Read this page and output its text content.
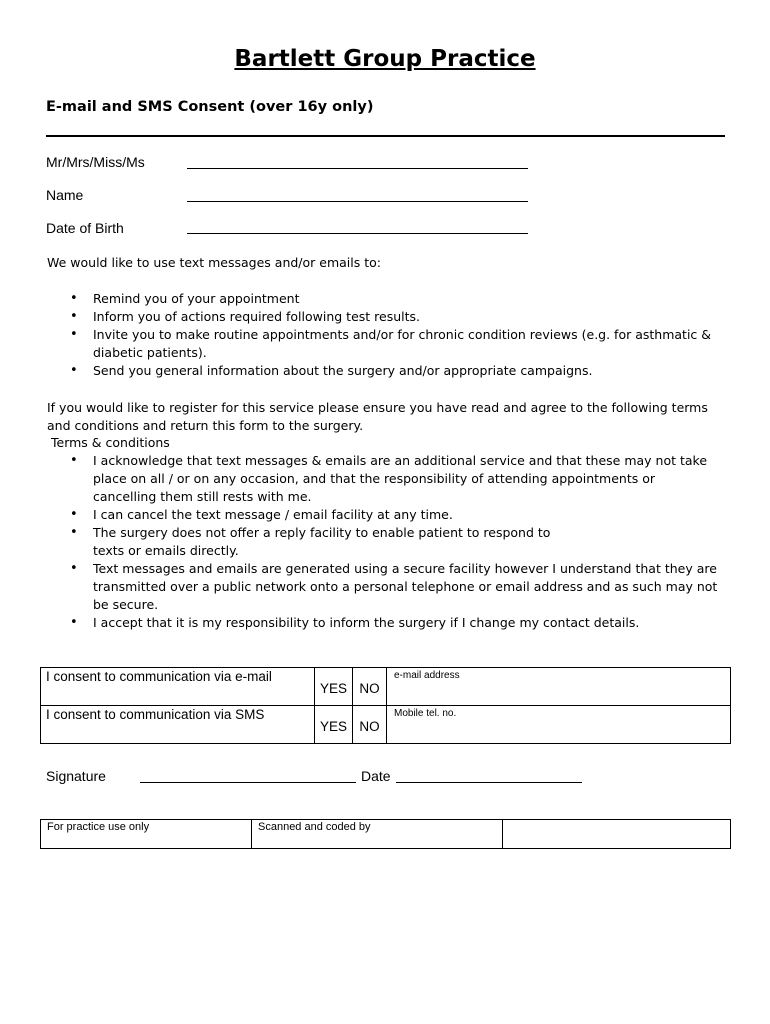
Bartlett Group Practice
E-mail and SMS Consent (over 16y only)
Mr/Mrs/Miss/Ms
Name
Date of Birth
We would like to use text messages and/or emails to:
• Remind you of your appointment
• Inform you of actions required following test results.
• Invite you to make routine appointments and/or for chronic condition reviews (e.g. for asthmatic & diabetic patients).
• Send you general information about the surgery and/or appropriate campaigns.
If you would like to register for this service please ensure you have read and agree to the following terms and conditions and return this form to the surgery.
Terms & conditions
• I acknowledge that text messages & emails are an additional service and that these may not take place on all / or on any occasion, and that the responsibility of attending appointments or cancelling them still rests with me.
• I can cancel the text message / email facility at any time.
• The surgery does not offer a reply facility to enable patient to respond to texts or emails directly.
• Text messages and emails are generated using a secure facility however I understand that they are transmitted over a public network onto a personal telephone or email address and as such may not be secure.
• I accept that it is my responsibility to inform the surgery if I change my contact details.
I consent to communication via e-mail	YES	NO	e-mail address
I consent to communication via SMS	YES	NO	Mobile tel. no.
Signature	Date
For practice use only	Scanned and coded by	
